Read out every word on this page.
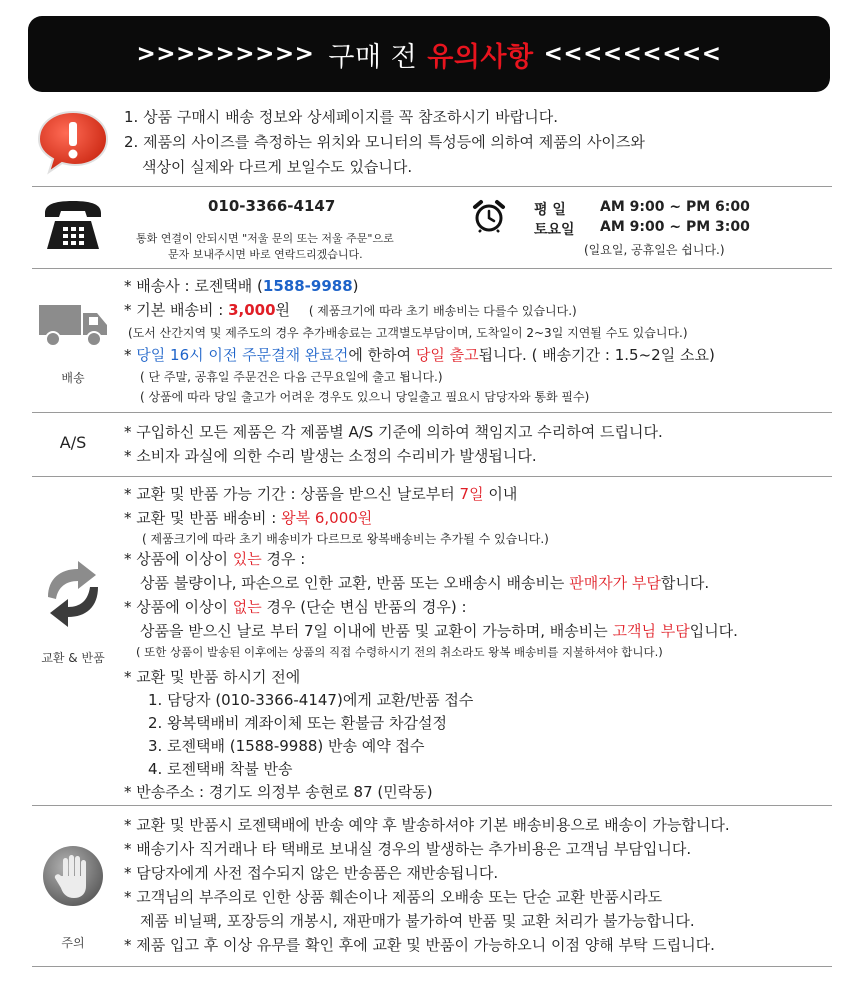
>>>>>>>>> 구매 전 유의사항 <<<<<<<<<
1. 상품 구매시 배송 정보와 상세페이지를 꼭 참조하시기 바랍니다.
2. 제품의 사이즈를 측정하는 위치와 모니터의 특성등에 의하여 제품의 사이즈와
색상이 실제와 다르게 보일수도 있습니다.
010-3366-4147
통화 연결이 안되시면 "저울 문의 또는 저울 주문"으로
문자 보내주시면 바로 연락드리겠습니다.
평 일 AM 9:00 ~ PM 6:00
토요일 AM 9:00 ~ PM 3:00
(일요일, 공휴일은 쉽니다.)
배송
* 배송사 : 로젠택배 (1588-9988)
* 기본 배송비 : 3,000원 ( 제품크기에 따라 초기 배송비는 다를수 있습니다.)
(도서 산간지역 및 제주도의 경우 추가배송료는 고객별도부담이며, 도착일이 2~3일 지연될 수도 있습니다.)
* 당일 16시 이전 주문결재 완료건에 한하여 당일 출고됩니다. ( 배송기간 : 1.5~2일 소요)
( 단 주말, 공휴일 주문건은 다음 근무요일에 출고 됩니다.)
( 상품에 따라 당일 출고가 어려운 경우도 있으니 당일출고 필요시 담당자와 통화 필수)
A/S
* 구입하신 모든 제품은 각 제품별 A/S 기준에 의하여 책임지고 수리하여 드립니다.
* 소비자 과실에 의한 수리 발생는 소정의 수리비가 발생됩니다.
교환 & 반품
* 교환 및 반품 가능 기간 : 상품을 받으신 날로부터 7일 이내
* 교환 및 반품 배송비 : 왕복 6,000원
( 제품크기에 따라 초기 배송비가 다르므로 왕복배송비는 추가될 수 있습니다.)
* 상품에 이상이 있는 경우 :
상품 불량이나, 파손으로 인한 교환, 반품 또는 오배송시 배송비는 판매자가 부담합니다.
* 상품에 이상이 없는 경우 (단순 변심 반품의 경우) :
상품을 받으신 날로 부터 7일 이내에 반품 및 교환이 가능하며, 배송비는 고객님 부담입니다.
( 또한 상품이 발송된 이후에는 상품의 직접 수령하시기 전의 취소라도 왕복 배송비를 지불하셔야 합니다.)
* 교환 및 반품 하시기 전에
1. 담당자 (010-3366-4147)에게 교환/반품 접수
2. 왕복택배비 계좌이체 또는 환불금 차감설정
3. 로젠택배 (1588-9988) 반송 예약 접수
4. 로젠택배 착불 반송
* 반송주소 : 경기도 의정부 송현로 87 (민락동)
주의
* 교환 및 반품시 로젠택배에 반송 예약 후 발송하셔야 기본 배송비용으로 배송이 가능합니다.
* 배송기사 직거래나 타 택배로 보내실 경우의 발생하는 추가비용은 고객님 부담입니다.
* 담당자에게 사전 접수되지 않은 반송품은 재반송됩니다.
* 고객님의 부주의로 인한 상품 훼손이나 제품의 오배송 또는 단순 교환 반품시라도
제품 비닐팩, 포장등의 개봉시, 재판매가 불가하여 반품 및 교환 처리가 불가능합니다.
* 제품 입고 후 이상 유무를 확인 후에 교환 및 반품이 가능하오니 이점 양해 부탁 드립니다.
